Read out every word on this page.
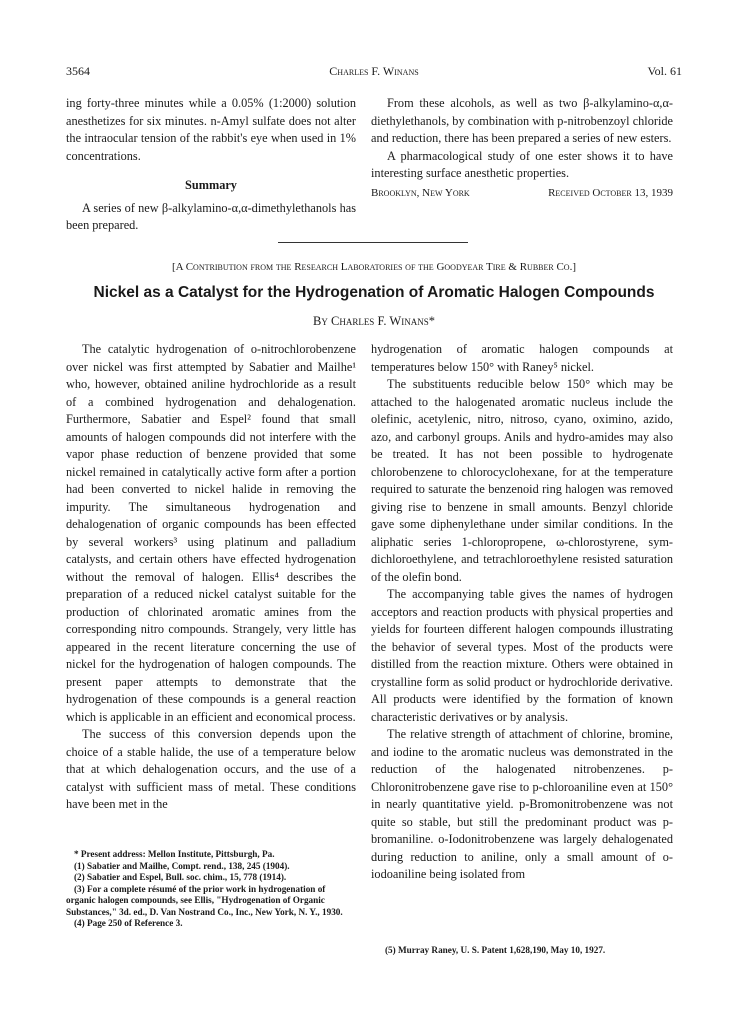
3564	Charles F. Winans	Vol. 61

ing forty-three minutes while a 0.05% (1:2000) solution anesthetizes for six minutes. n-Amyl sulfate does not alter the intraocular tension of the rabbit's eye when used in 1% concentrations.

Summary

A series of new β-alkylamino-α,α-dimethylethanols has been prepared.

From these alcohols, as well as two β-alkylamino-α,α-diethylethanols, by combination with p-nitrobenzoyl chloride and reduction, there has been prepared a series of new esters.

A pharmacological study of one ester shows it to have interesting surface anesthetic properties.

Brooklyn, New York	Received October 13, 1939

[A Contribution from the Research Laboratories of the Goodyear Tire & Rubber Co.]
Nickel as a Catalyst for the Hydrogenation of Aromatic Halogen Compounds
By Charles F. Winans*

The catalytic hydrogenation of o-nitrochlorobenzene over nickel was first attempted by Sabatier and Mailhe¹ who, however, obtained aniline hydrochloride as a result of a combined hydrogenation and dehalogenation. Furthermore, Sabatier and Espel² found that small amounts of halogen compounds did not interfere with the vapor phase reduction of benzene provided that some nickel remained in catalytically active form after a portion had been converted to nickel halide in removing the impurity. The simultaneous hydrogenation and dehalogenation of organic compounds has been effected by several workers³ using platinum and palladium catalysts, and certain others have effected hydrogenation without the removal of halogen. Ellis⁴ describes the preparation of a reduced nickel catalyst suitable for the production of chlorinated aromatic amines from the corresponding nitro compounds. Strangely, very little has appeared in the recent literature concerning the use of nickel for the hydrogenation of halogen compounds. The present paper attempts to demonstrate that the hydrogenation of these compounds is a general reaction which is applicable in an efficient and economical process.

The success of this conversion depends upon the choice of a stable halide, the use of a temperature below that at which dehalogenation occurs, and the use of a catalyst with sufficient mass of metal. These conditions have been met in the

hydrogenation of aromatic halogen compounds at temperatures below 150° with Raney⁵ nickel.

The substituents reducible below 150° which may be attached to the halogenated aromatic nucleus include the olefinic, acetylenic, nitro, nitroso, cyano, oximino, azido, azo, and carbonyl groups. Anils and hydro-amides may also be treated. It has not been possible to hydrogenate chlorobenzene to chlorocyclohexane, for at the temperature required to saturate the benzenoid ring halogen was removed giving rise to benzene in small amounts. Benzyl chloride gave some diphenylethane under similar conditions. In the aliphatic series 1-chloropropene, ω-chlorostyrene, sym-dichloroethylene, and tetrachloroethylene resisted saturation of the olefin bond.

The accompanying table gives the names of hydrogen acceptors and reaction products with physical properties and yields for fourteen different halogen compounds illustrating the behavior of several types. Most of the products were distilled from the reaction mixture. Others were obtained in crystalline form as solid product or hydrochloride derivative. All products were identified by the formation of known characteristic derivatives or by analysis.

The relative strength of attachment of chlorine, bromine, and iodine to the aromatic nucleus was demonstrated in the reduction of the halogenated nitrobenzenes. p-Chloronitrobenzene gave rise to p-chloroaniline even at 150° in nearly quantitative yield. p-Bromonitrobenzene was not quite so stable, but still the predominant product was p-bromaniline. o-Iodonitrobenzene was largely dehalogenated during reduction to aniline, only a small amount of o-iodoaniline being isolated from

* Present address: Mellon Institute, Pittsburgh, Pa.

(1) Sabatier and Mailhe, Compt. rend., 138, 245 (1904).

(2) Sabatier and Espel, Bull. soc. chim., 15, 778 (1914).

(3) For a complete résumé of the prior work in hydrogenation of organic halogen compounds, see Ellis, "Hydrogenation of Organic Substances," 3d. ed., D. Van Nostrand Co., Inc., New York, N. Y., 1930.

(4) Page 250 of Reference 3.

(5) Murray Raney, U. S. Patent 1,628,190, May 10, 1927.
